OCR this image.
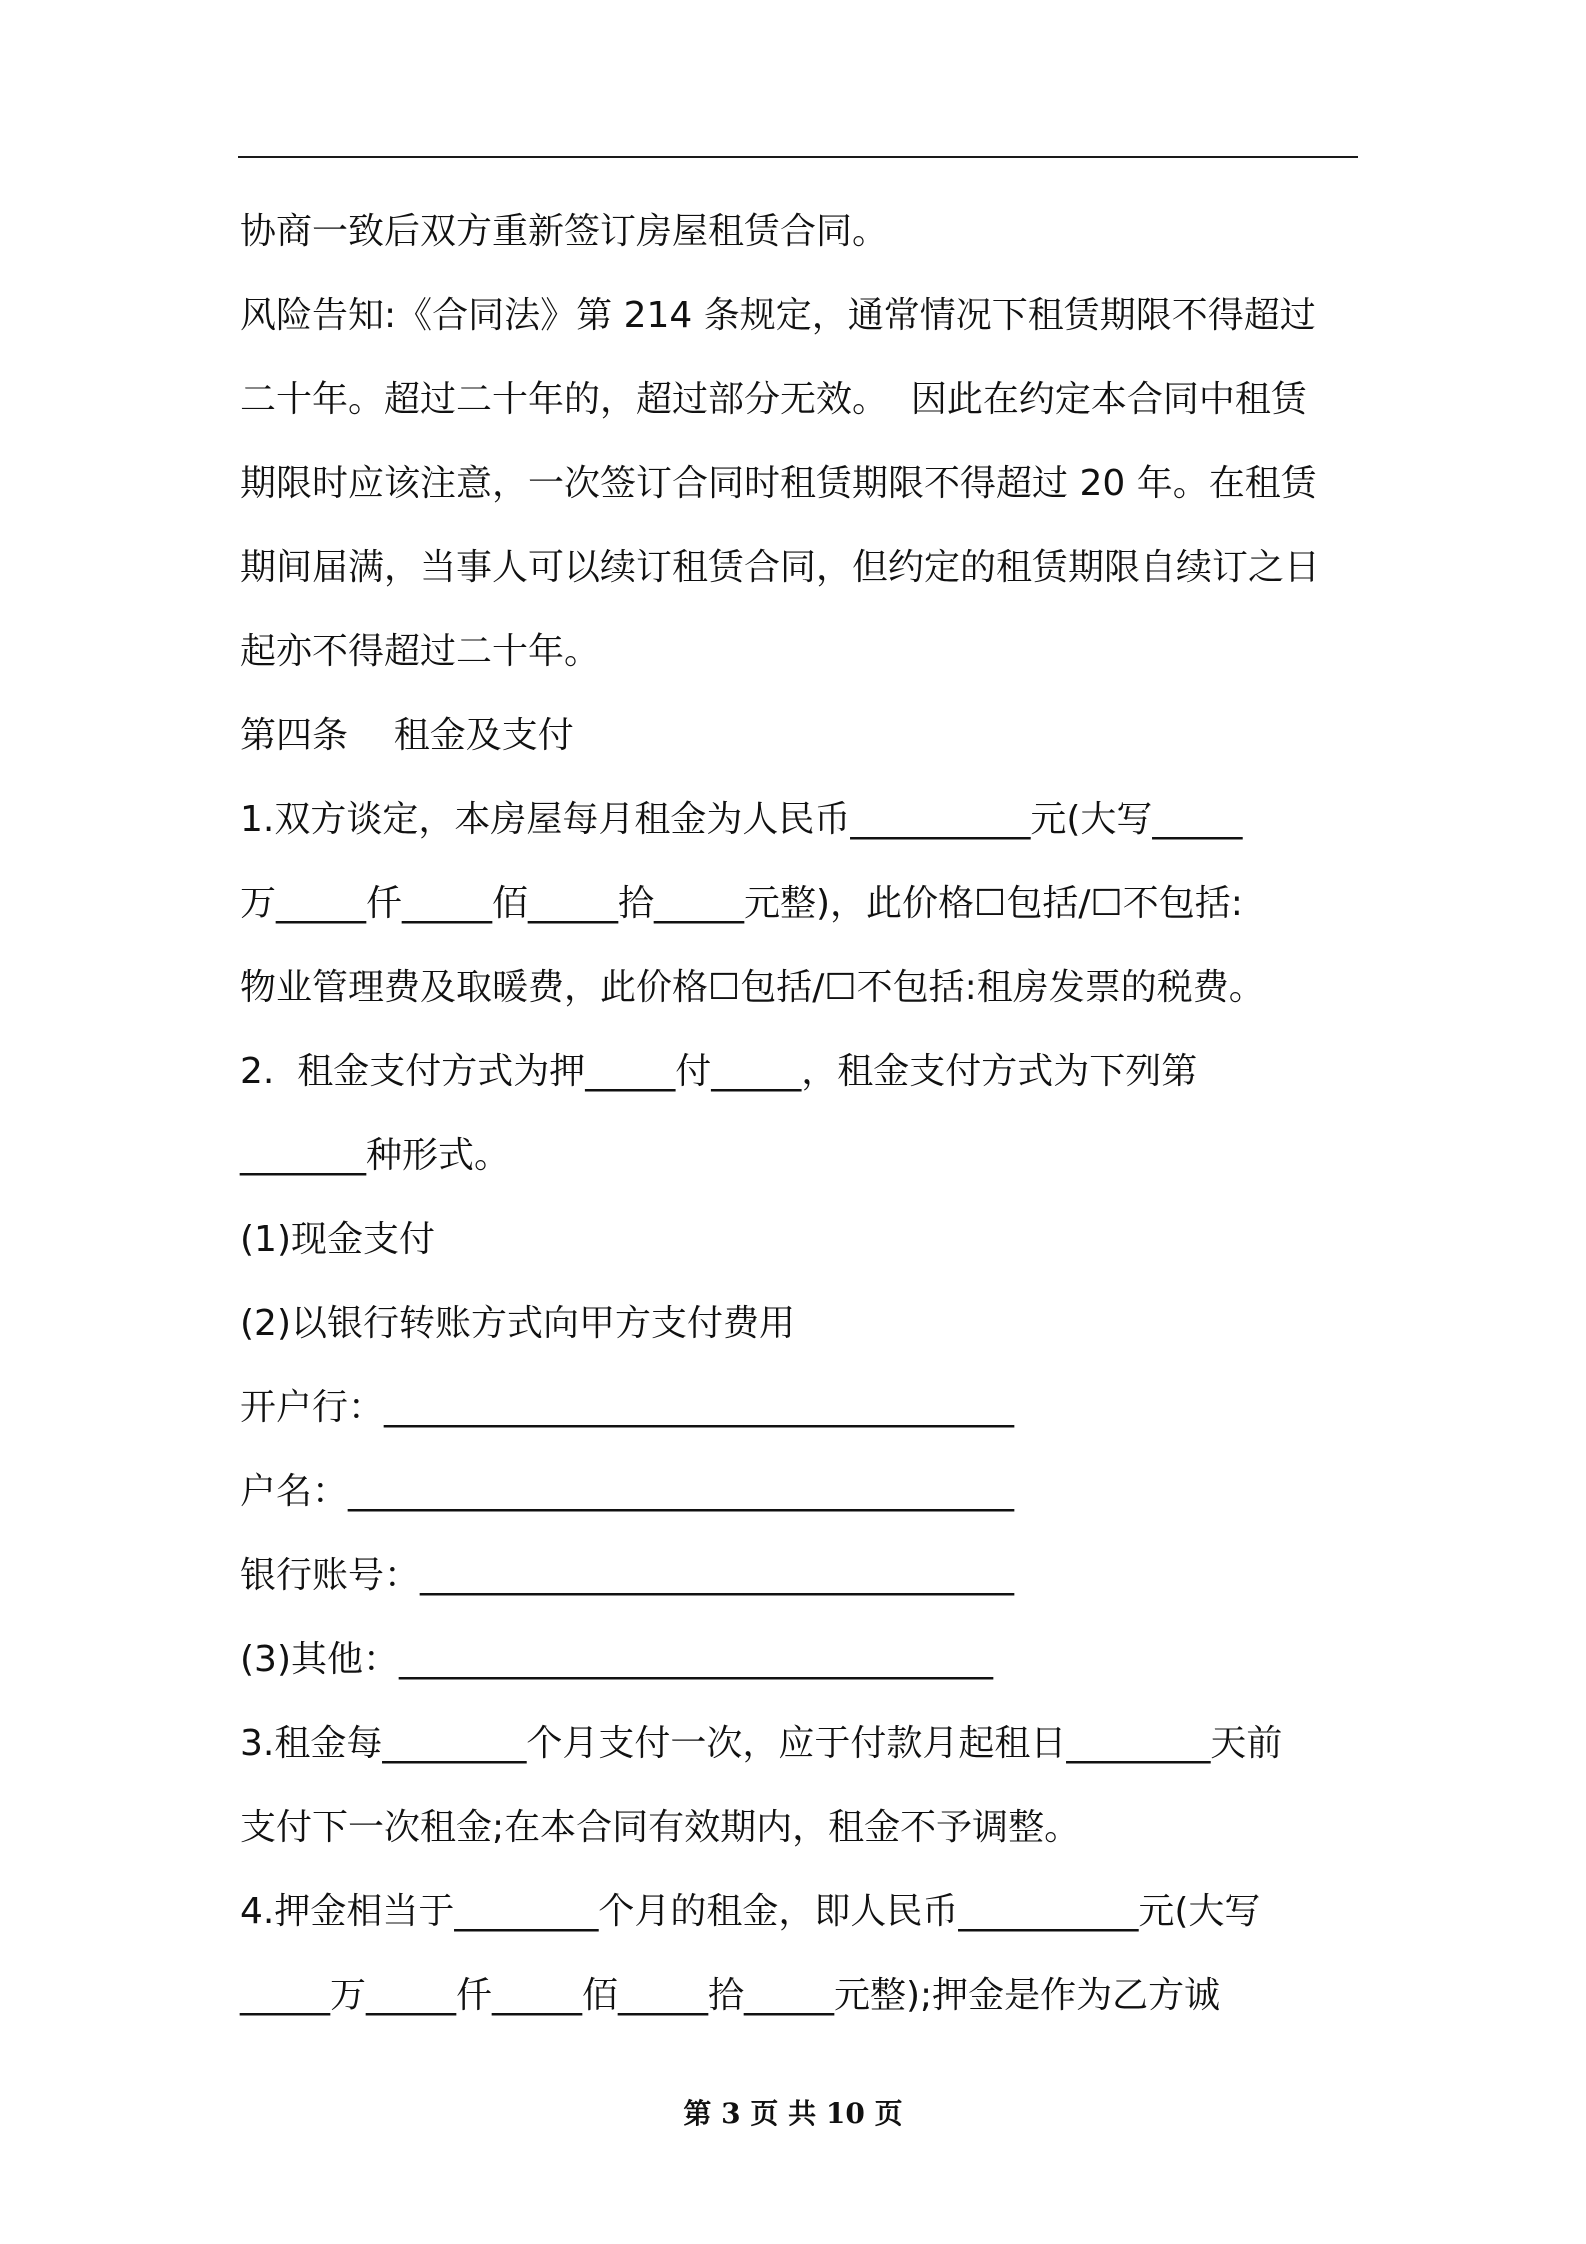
协商一致后双方重新签订房屋租赁合同。
风险告知:《合同法》第 214 条规定，通常情况下租赁期限不得超过
二十年。超过二十年的，超过部分无效。  因此在约定本合同中租赁
期限时应该注意，一次签订合同时租赁期限不得超过 20 年。在租赁
期间届满，当事人可以续订租赁合同，但约定的租赁期限自续订之日
起亦不得超过二十年。
第四条    租金及支付
1.双方谈定，本房屋每月租金为人民币__________元(大写_____
万_____仟_____佰_____拾_____元整)，此价格☐包括/☐不包括:
物业管理费及取暖费，此价格☐包括/☐不包括:租房发票的税费。
2.  租金支付方式为押_____付_____，租金支付方式为下列第
_______种形式。
(1)现金支付
(2)以银行转账方式向甲方支付费用
开户行：___________________________________
户名：_____________________________________
银行账号：_________________________________
(3)其他：_________________________________
3.租金每________个月支付一次，应于付款月起租日________天前
支付下一次租金;在本合同有效期内，租金不予调整。
4.押金相当于________个月的租金，即人民币__________元(大写
_____万_____仟_____佰_____拾_____元整);押金是作为乙方诚
第 3 页 共 10 页
